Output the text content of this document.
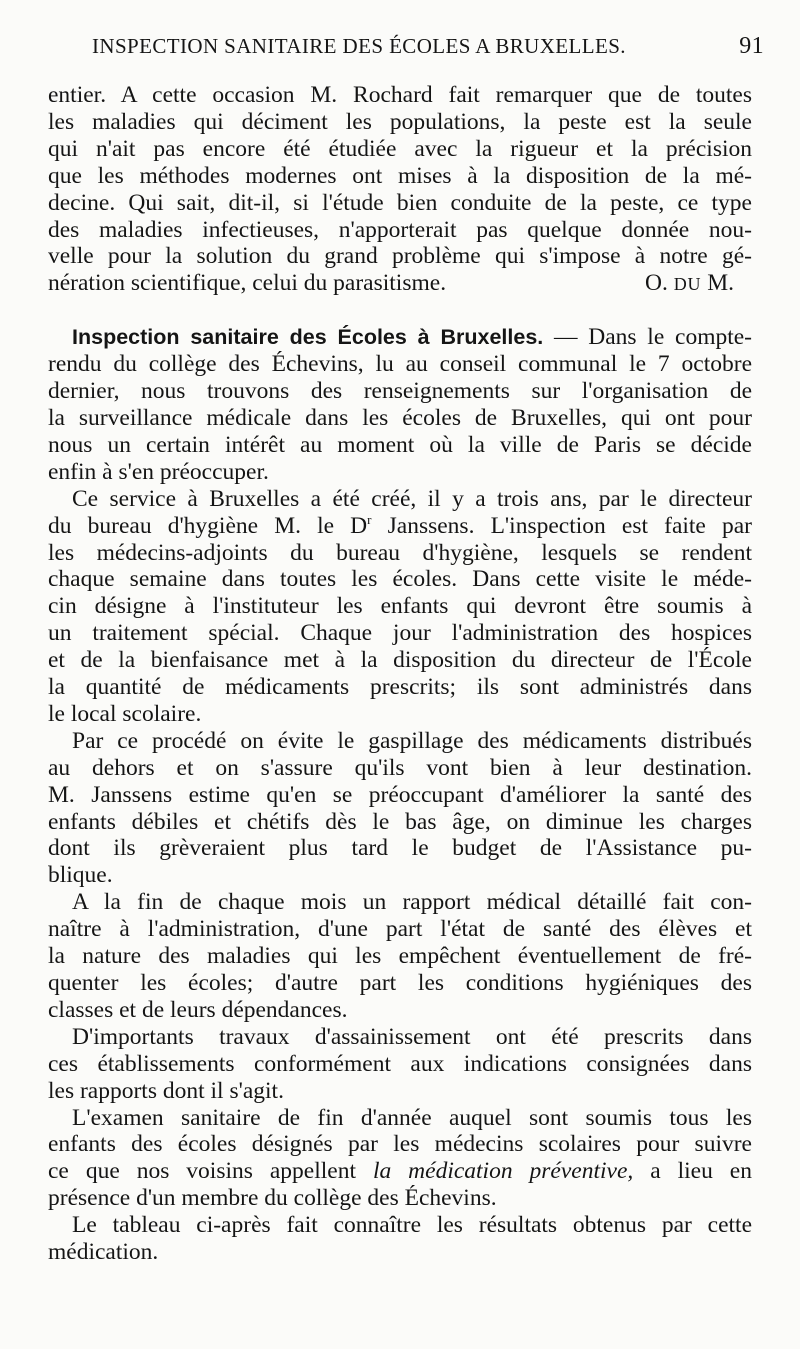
INSPECTION SANITAIRE DES ÉCOLES A BRUXELLES.	91
entier. A cette occasion M. Rochard fait remarquer que de toutes
les maladies qui déciment les populations, la peste est la seule
qui n'ait pas encore été étudiée avec la rigueur et la précision
que les méthodes modernes ont mises à la disposition de la mé-
decine. Qui sait, dit-il, si l'étude bien conduite de la peste, ce type
des maladies infectieuses, n'apporterait pas quelque donnée nou-
velle pour la solution du grand problème qui s'impose à notre gé-
nération scientifique, celui du parasitisme.	O. DU M.
Inspection sanitaire des Écoles à Bruxelles. — Dans le compte-
rendu du collège des Échevins, lu au conseil communal le 7 octobre
dernier, nous trouvons des renseignements sur l'organisation de
la surveillance médicale dans les écoles de Bruxelles, qui ont pour
nous un certain intérêt au moment où la ville de Paris se décide
enfin à s'en préoccuper.
Ce service à Bruxelles a été créé, il y a trois ans, par le directeur
du bureau d'hygiène M. le $D^r$ Janssens. L'inspection est faite par
les médecins-adjoints du bureau d'hygiène, lesquels se rendent
chaque semaine dans toutes les écoles. Dans cette visite le méde-
cin désigne à l'instituteur les enfants qui devront être soumis à
un traitement spécial. Chaque jour l'administration des hospices
et de la bienfaisance met à la disposition du directeur de l'École
la quantité de médicaments prescrits; ils sont administrés dans
le local scolaire.
Par ce procédé on évite le gaspillage des médicaments distribués
au dehors et on s'assure qu'ils vont bien à leur destination.
M. Janssens estime qu'en se préoccupant d'améliorer la santé des
enfants débiles et chétifs dès le bas âge, on diminue les charges
dont ils grèveraient plus tard le budget de l'Assistance pu-
blique.
A la fin de chaque mois un rapport médical détaillé fait con-
naître à l'administration, d'une part l'état de santé des élèves et
la nature des maladies qui les empêchent éventuellement de fré-
quenter les écoles; d'autre part les conditions hygiéniques des
classes et de leurs dépendances.
D'importants travaux d'assainissement ont été prescrits dans
ces établissements conformément aux indications consignées dans
les rapports dont il s'agit.
L'examen sanitaire de fin d'année auquel sont soumis tous les
enfants des écoles désignés par les médecins scolaires pour suivre
ce que nos voisins appellent la médication préventive, a lieu en
présence d'un membre du collège des Échevins.
Le tableau ci-après fait connaître les résultats obtenus par cette
médication.
